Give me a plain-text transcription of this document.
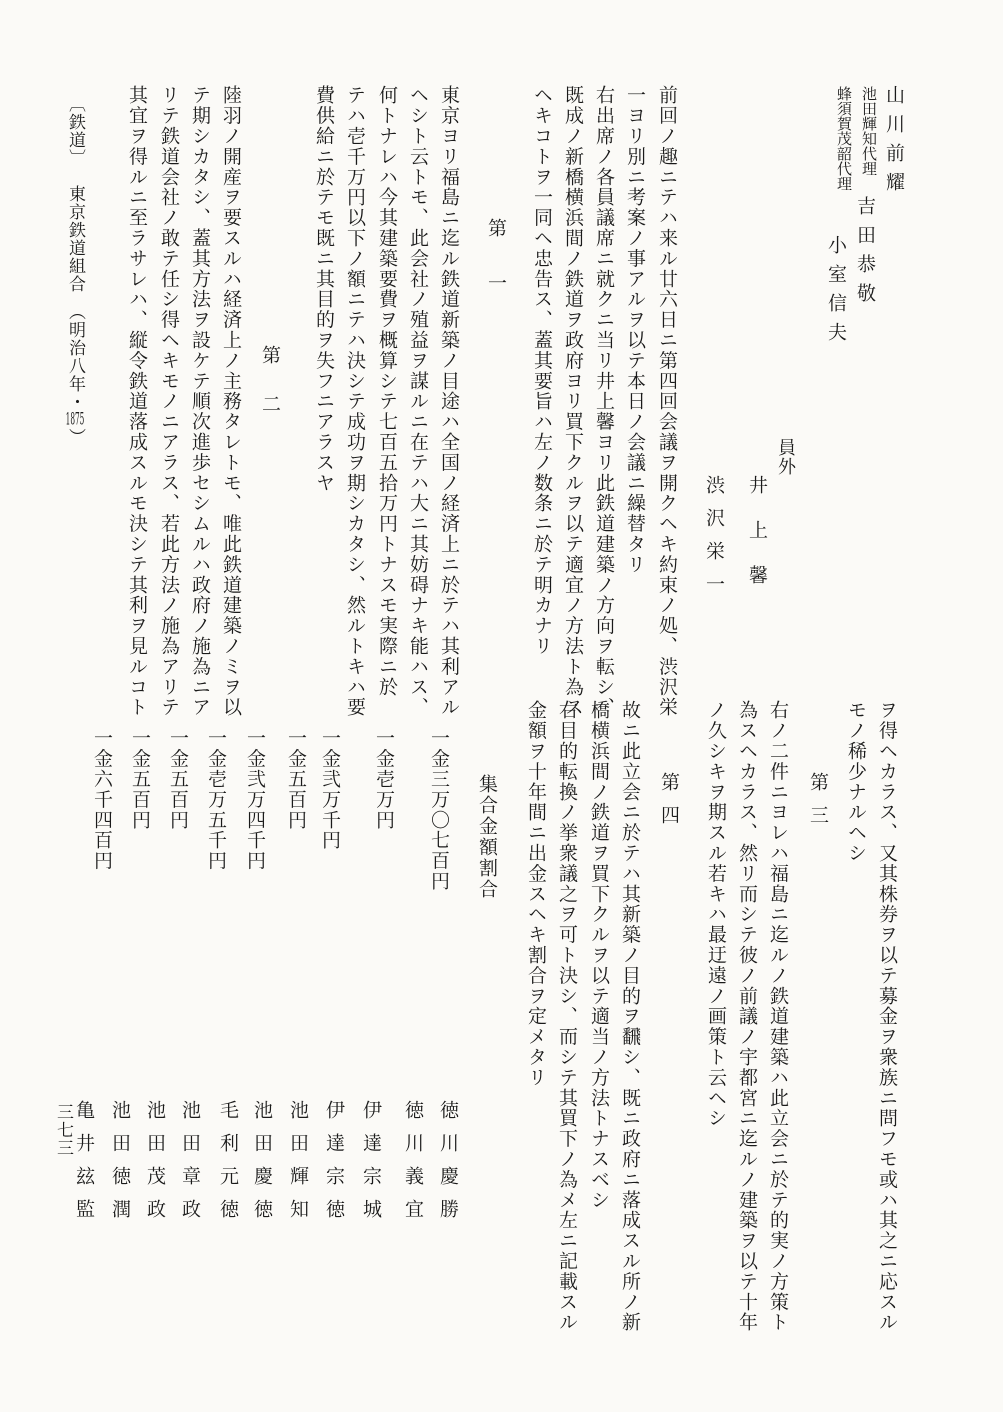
山川前耀
池田輝知代理
吉田恭敬
蜂須賀茂韶代理
小室信夫
員外
井上馨
渋沢栄一
前回ノ趣ニテハ来ル廿六日ニ第四回会議ヲ開クヘキ約束ノ処、渋沢栄
一ヨリ別ニ考案ノ事アルヲ以テ本日ノ会議ニ繰替タリ
右出席ノ各員議席ニ就クニ当リ井上馨ヨリ此鉄道建築ノ方向ヲ転シ、
既成ノ新橋横浜間ノ鉄道ヲ政府ヨリ買下クルヲ以テ適宜ノ方法ト為ス
ヘキコトヲ一同ヘ忠告ス、蓋其要旨ハ左ノ数条ニ於テ明カナリ
第一
東京ヨリ福島ニ迄ル鉄道新築ノ目途ハ全国ノ経済上ニ於テハ其利アル
ヘシト云トモ、此会社ノ殖益ヲ謀ルニ在テハ大ニ其妨碍ナキ能ハス、
何トナレハ今其建築要費ヲ概算シテ七百五拾万円トナスモ実際ニ於
テハ壱千万円以下ノ額ニテハ決シテ成功ヲ期シカタシ、然ルトキハ要
費供給ニ於テモ既ニ其目的ヲ失フニアラスヤ
第二
陸羽ノ開産ヲ要スルハ経済上ノ主務タレトモ、唯此鉄道建築ノミヲ以
テ期シカタシ、蓋其方法ヲ設ケテ順次進歩セシムルハ政府ノ施為ニア
リテ鉄道会社ノ敢テ任シ得ヘキモノニアラス、若此方法ノ施為アリテ
其宜ヲ得ルニ至ラサレハ、縦令鉄道落成スルモ決シテ其利ヲ見ルコト
〔鉄道〕東京鉄道組合（明治八年・1875）
ヲ得ヘカラス、又其株券ヲ以テ募金ヲ衆族ニ問フモ或ハ其之ニ応スル
モノ稀少ナルヘシ
第三
右ノ二件ニヨレハ福島ニ迄ルノ鉄道建築ハ此立会ニ於テ的実ノ方策ト
為スヘカラス、然リ而シテ彼ノ前議ノ宇都宮ニ迄ルノ建築ヲ以テ十年
ノ久シキヲ期スル若キハ最迂遠ノ画策ト云ヘシ
第四
故ニ此立会ニ於テハ其新築ノ目的ヲ飜シ、既ニ政府ニ落成スル所ノ新
橋横浜間ノ鉄道ヲ買下クルヲ以テ適当ノ方法トナスベシ
右目的転換ノ挙衆議之ヲ可ト決シ、而シテ其買下ノ為メ左ニ記載スル
金額ヲ十年間ニ出金スヘキ割合ヲ定メタリ
集合金額割合
一金三万〇七百円
一金壱万円
一金弐万千円
一金五百円
一金弐万四千円
一金壱万五千円
一金五百円
一金五百円
一金六千四百円
徳川慶勝
徳川義宜
伊達宗城
伊達宗徳
池田輝知
池田慶徳
毛利元徳
池田章政
池田茂政
池田徳潤
亀井玆監
三七三
